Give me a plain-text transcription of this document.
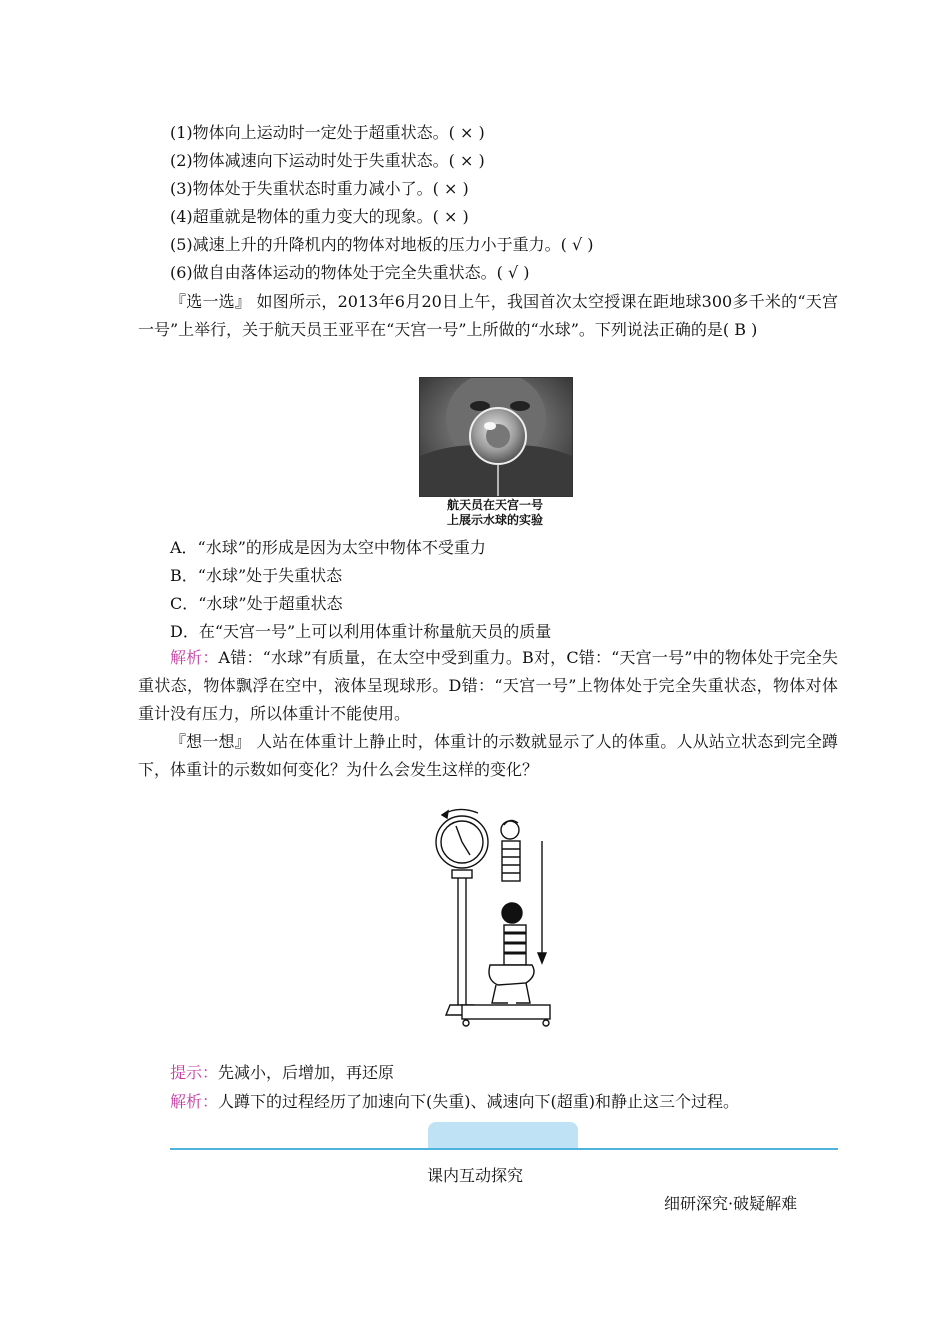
(1)物体向上运动时一定处于超重状态。( × )
(2)物体减速向下运动时处于失重状态。( × )
(3)物体处于失重状态时重力减小了。( × )
(4)超重就是物体的重力变大的现象。( × )
(5)减速上升的升降机内的物体对地板的压力小于重力。( √ )
(6)做自由落体运动的物体处于完全失重状态。( √ )
『选一选』 如图所示，2013年6月20日上午，我国首次太空授课在距地球300多千米的“天宫一号”上举行，关于航天员王亚平在“天宫一号”上所做的“水球”。下列说法正确的是( B )
航天员在天宫一号
上展示水球的实验
A．“水球”的形成是因为太空中物体不受重力
B．“水球”处于失重状态
C．“水球”处于超重状态
D．在“天宫一号”上可以利用体重计称量航天员的质量
解析：A错：“水球”有质量，在太空中受到重力。B对，C错：“天宫一号”中的物体处于完全失重状态，物体飘浮在空中，液体呈现球形。D错：“天宫一号”上物体处于完全失重状态，物体对体重计没有压力，所以体重计不能使用。
『想一想』 人站在体重计上静止时，体重计的示数就显示了人的体重。人从站立状态到完全蹲下，体重计的示数如何变化？为什么会发生这样的变化？
提示：先减小，后增加，再还原
解析：人蹲下的过程经历了加速向下(失重)、减速向下(超重)和静止这三个过程。
课内互动探究
细研深究·破疑解难
